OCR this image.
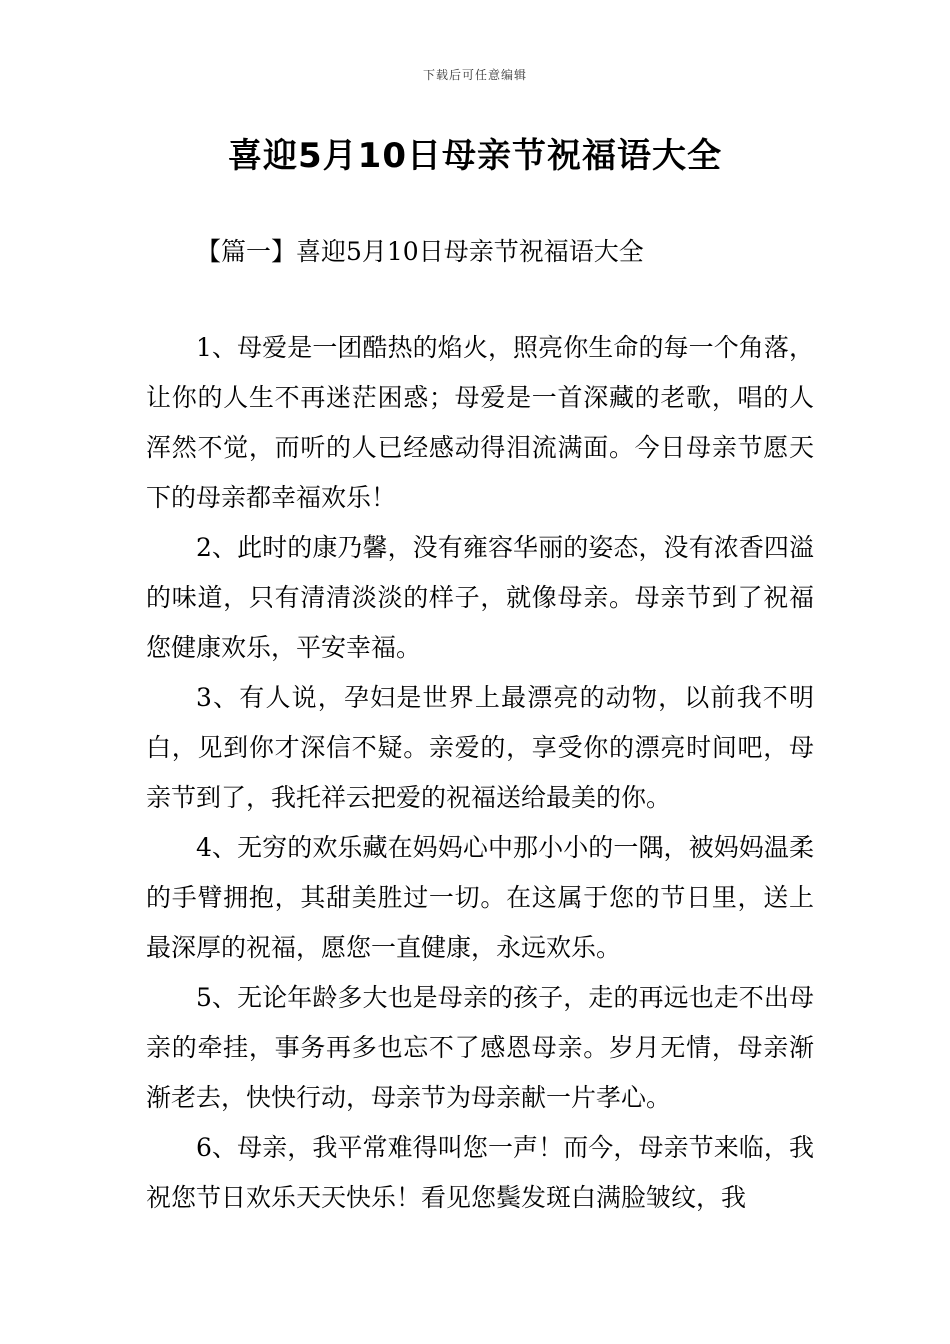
下载后可任意编辑
喜迎5月10日母亲节祝福语大全
【篇一】喜迎5月10日母亲节祝福语大全

1、母爱是一团酷热的焰火，照亮你生命的每一个角落，让你的人生不再迷茫困惑；母爱是一首深藏的老歌，唱的人浑然不觉，而听的人已经感动得泪流满面。今日母亲节愿天下的母亲都幸福欢乐！

2、此时的康乃馨，没有雍容华丽的姿态，没有浓香四溢的味道，只有清清淡淡的样子，就像母亲。母亲节到了祝福您健康欢乐，平安幸福。

3、有人说，孕妇是世界上最漂亮的动物，以前我不明白，见到你才深信不疑。亲爱的，享受你的漂亮时间吧，母亲节到了，我托祥云把爱的祝福送给最美的你。

4、无穷的欢乐藏在妈妈心中那小小的一隅，被妈妈温柔的手臂拥抱，其甜美胜过一切。在这属于您的节日里，送上最深厚的祝福，愿您一直健康，永远欢乐。

5、无论年龄多大也是母亲的孩子，走的再远也走不出母亲的牵挂，事务再多也忘不了感恩母亲。岁月无情，母亲渐渐老去，快快行动，母亲节为母亲献一片孝心。

6、母亲，我平常难得叫您一声！而今，母亲节来临，我祝您节日欢乐天天快乐！看见您鬓发斑白满脸皱纹，我
